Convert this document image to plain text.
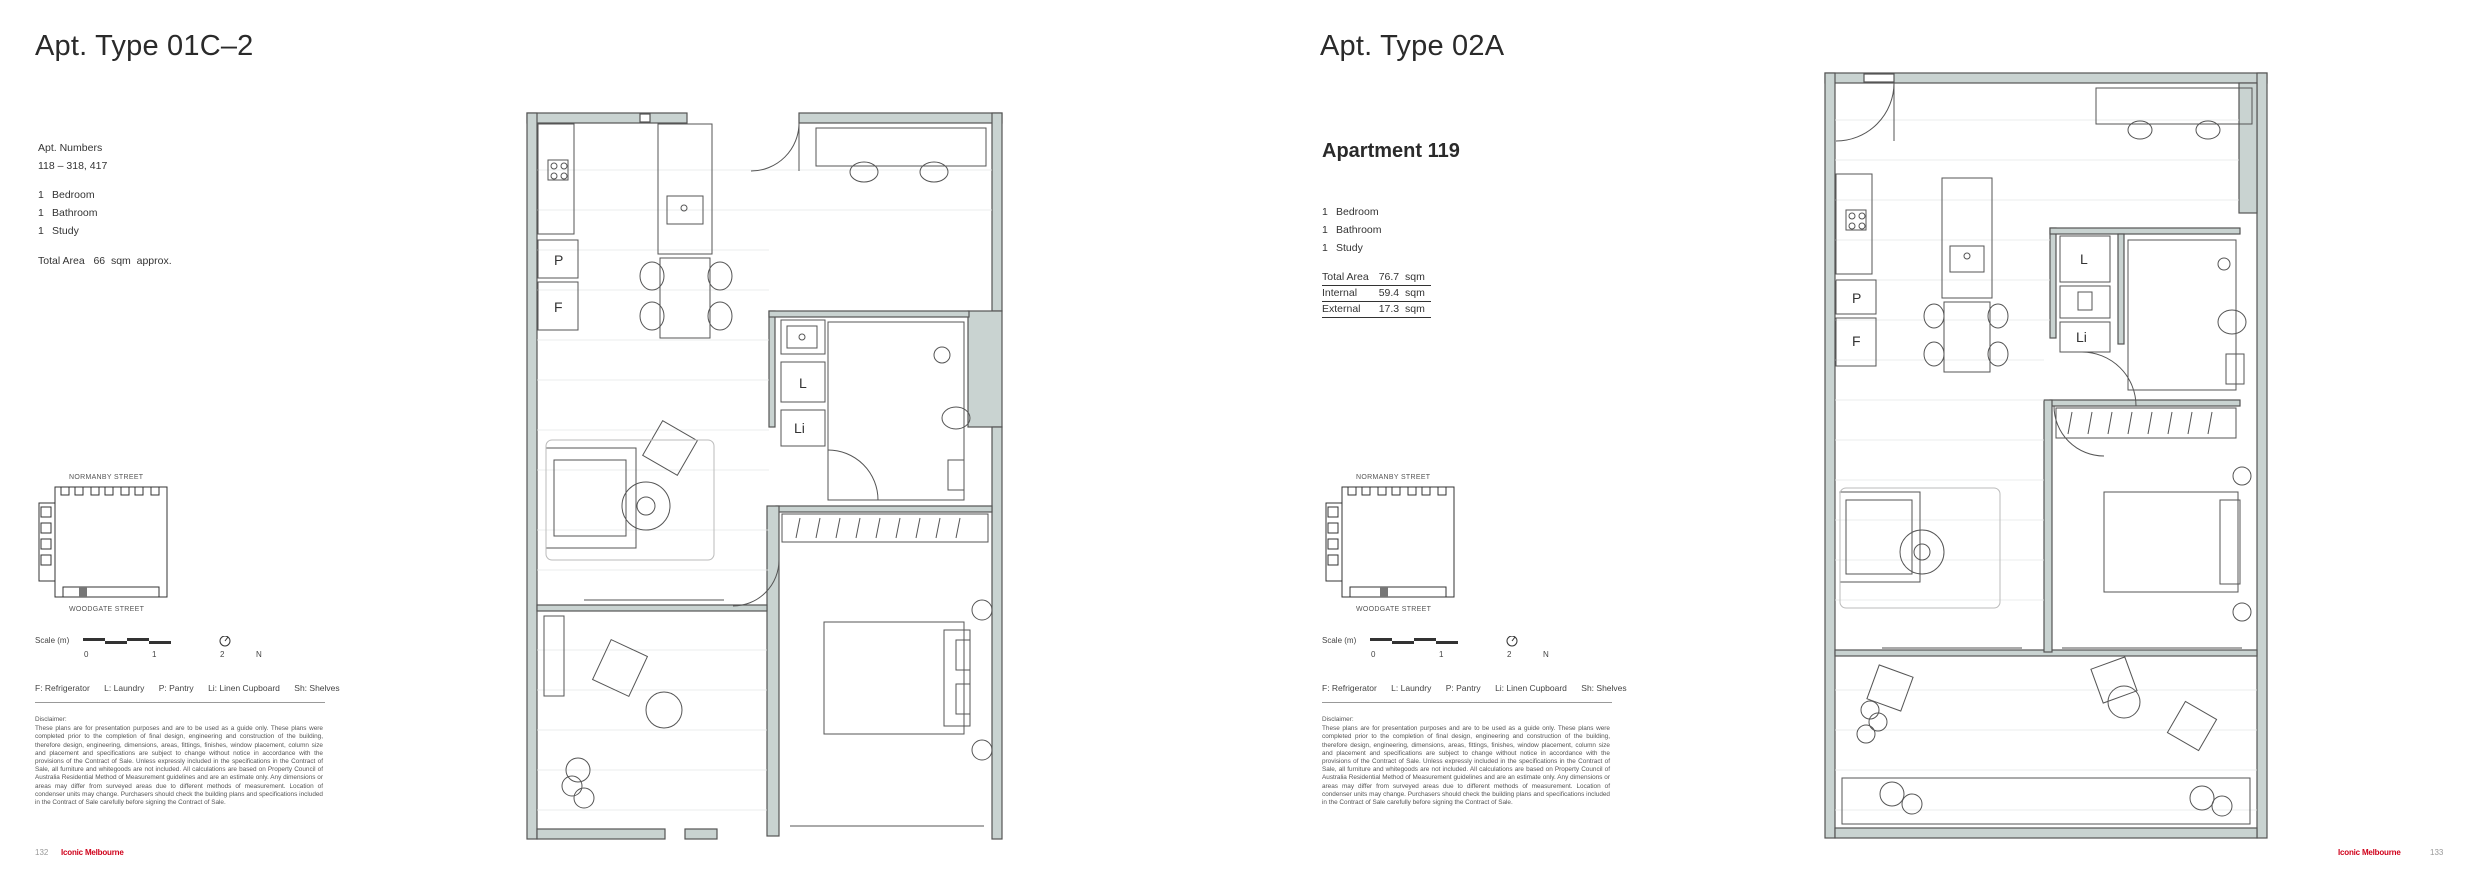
Apt. Type 01C–2
Apt. Numbers
118 – 318, 417
1 Bedroom
1 Bathroom
1 Study
Total Area   66  sqm  approx.
NORMANBY STREET
WOODGATE STREET
Scale (m)
0	1	2	N
F: Refrigerator L: Laundry P: Pantry Li: Linen Cupboard Sh: Shelves
Disclaimer:
These plans are for presentation purposes and are to be used as a guide only. These plans were completed prior to the completion of final design, engineering and construction of the building, therefore design, engineering, dimensions, areas, fittings, finishes, window placement, column size and placement and specifications are subject to change without notice in accordance with the provisions of the Contract of Sale. Unless expressly included in the specifications in the Contract of Sale, all furniture and whitegoods are not included. All calculations are based on Property Council of Australia Residential Method of Measurement guidelines and are an estimate only. Any dimensions or areas may differ from surveyed areas due to different methods of measurement. Location of condenser units may change. Purchasers should check the building plans and specifications included in the Contract of Sale carefully before signing the Contract of Sale.
132 Iconic Melbourne
P
F
L
Li
Apt. Type 02A
Apartment 119
1 Bedroom
1 Bathroom
1 Study
Total Area	76.7  sqm
Internal	59.4  sqm
External	17.3  sqm
NORMANBY STREET
WOODGATE STREET
Scale (m)
0	1	2	N
F: Refrigerator L: Laundry P: Pantry Li: Linen Cupboard Sh: Shelves
Disclaimer:
These plans are for presentation purposes and are to be used as a guide only. These plans were completed prior to the completion of final design, engineering and construction of the building, therefore design, engineering, dimensions, areas, fittings, finishes, window placement, column size and placement and specifications are subject to change without notice in accordance with the provisions of the Contract of Sale. Unless expressly included in the specifications in the Contract of Sale, all furniture and whitegoods are not included. All calculations are based on Property Council of Australia Residential Method of Measurement guidelines and are an estimate only. Any dimensions or areas may differ from surveyed areas due to different methods of measurement. Location of condenser units may change. Purchasers should check the building plans and specifications included in the Contract of Sale carefully before signing the Contract of Sale.
Iconic Melbourne	133
P
F
L
Li
